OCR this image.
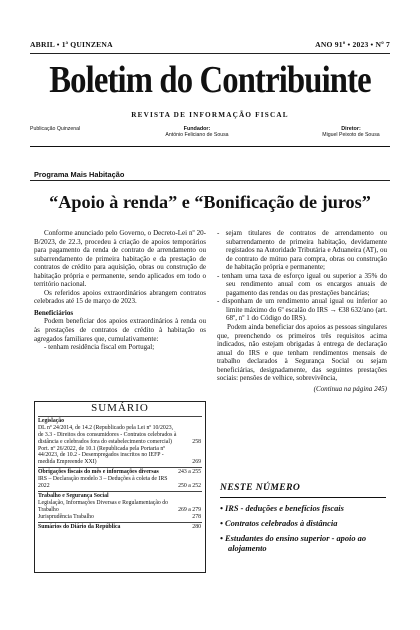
ABRIL • 1ª QUINZENA	ANO 91º • 2023 • Nº 7
Boletim do Contribuinte
REVISTA DE INFORMAÇÃO FISCAL
Publicação Quinzenal	Fundador:
António Feliciano de Sousa
Diretor:
Miguel Peixoto de Sousa
Programa Mais Habitação
“Apoio à renda” e “Bonificação de juros”

Conforme anunciado pelo Governo, o Decreto-Lei nº 20-B/2023, de 22.3, procedeu à criação de apoios temporários para pagamento da renda de contrato de arrendamento ou subarrendamento de primeira habitação e da prestação de contratos de crédito para aquisição, obras ou construção de habitação própria e permanente, sendo aplicados em todo o território nacional.

Os referidos apoios extraordinários abrangem contratos celebrados até 15 de março de 2023.

Beneficiários

Podem beneficiar dos apoios extraordinários à renda ou às prestações de contratos de crédito à habitação os agregados familiares que, cumulativamente:

- tenham residência fiscal em Portugal;

- sejam titulares de contratos de arrendamento ou subarrendamento de primeira habitação, devidamente registados na Autoridade Tributária e Aduaneira (AT), ou de contrato de mútuo para compra, obras ou construção de habitação própria e permanente;

- tenham uma taxa de esforço igual ou superior a 35% do seu rendimento anual com os encargos anuais de pagamento das rendas ou das prestações bancárias;

- disponham de um rendimento anual igual ou inferior ao limite máximo do 6º escalão do IRS → €38 632/ano (art. 68º, nº 1 do Código do IRS).

Podem ainda beneficiar dos apoios as pessoas singulares que, preenchendo os primeiros três requisitos acima indicados, não estejam obrigadas à entrega de declaração anual do IRS e que tenham rendimentos mensais de trabalho declarados à Segurança Social ou sejam beneficiárias, designadamente, das seguintes prestações sociais: pensões de velhice, sobrevivência,

(Continua na página 245)

SUMÁRIO
Legislação
DL nº 24/2014, de 14.2 (Republicado pela Lei nº 10/2023, de 3.3 - Direitos dos consumidores - Contratos celebrados à distância e celebrados fora do estabelecimento comercial)	258
Port. nº 26/2022, de 10.1 (Republicada pela Portaria nº 44/2023, de 10.2 - Desempregados inscritos no IEFP - medida Empreende XXI)	269
Obrigações fiscais do mês e informações diversas	243 a 255
IRS – Declaração modelo 3 – Deduções à coleta de IRS 2022	250 a 252
Trabalho e Segurança Social
Legislação, Informações Diversas e Regulamentação do Trabalho	269 a 279
Jurisprudência Trabalho	278
Sumários do Diário da República	280
NESTE NÚMERO
• IRS - deduções e benefícios fiscais
• Contratos celebrados à distância
• Estudantes do ensino superior - apoio ao alojamento
